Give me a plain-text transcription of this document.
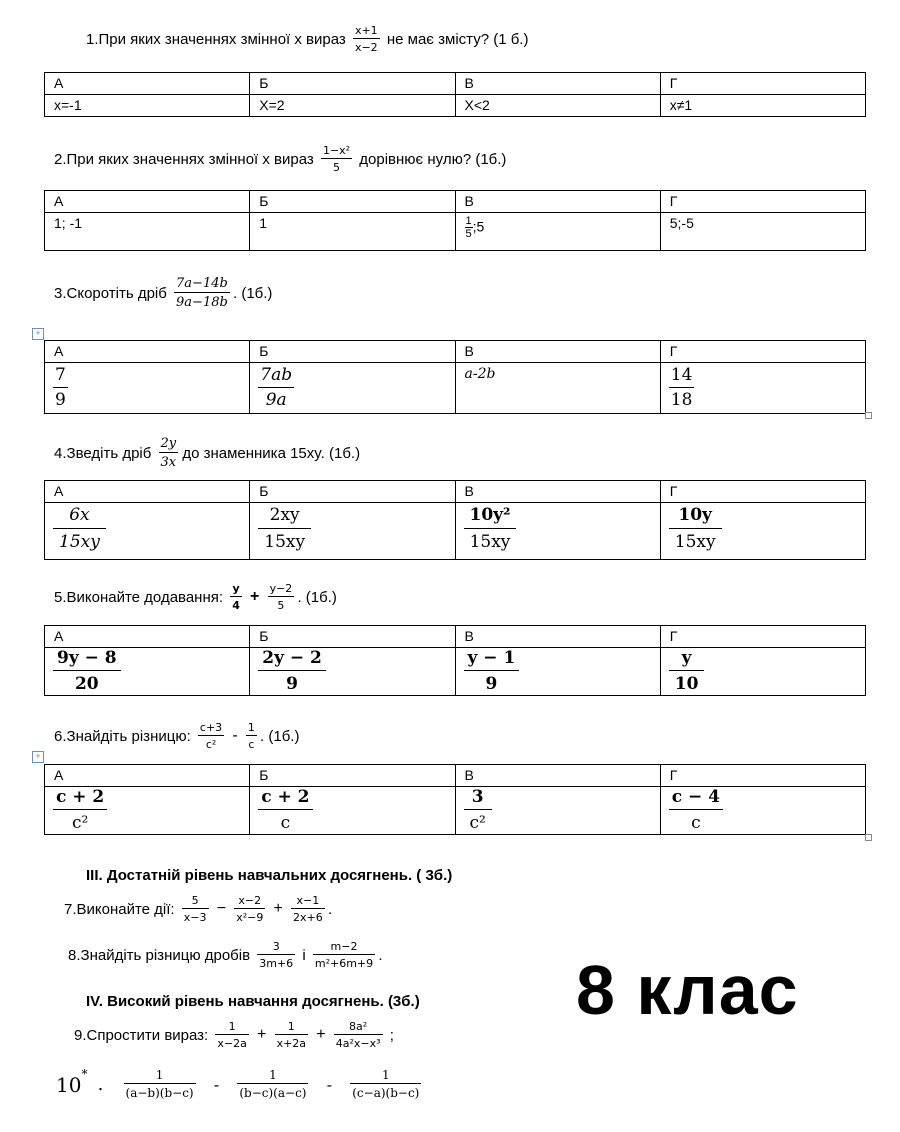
1.При яких значеннях змінної х вираз $\frac{x+1}{x-2}$ не має змісту? (1 б.)
А	Б	В	Г
x=-1	X=2	X<2	x≠1
2.При яких значеннях змінної х вираз $\frac{\text{1−x²}}{5}$ дорівнює нулю? (1б.)
А	Б	В	Г
1; -1	1	$\frac{1}{5}$ ;5	5;-5
3.Скоротіть дріб $\frac{7a-14b}{9a-18b}$ . (1б.)
+
А	Б	В	Г

$\frac{7}{9}$	$\frac{7ab}{9a}$	a-2b	$\frac{14}{18}$
4.Зведіть дріб $\frac{2y}{3x}$ до знаменника 15xy. (1б.)
А	Б	В	Г

$\frac{6x}{15xy}$	$\frac{2xy}{15xy}$	$\frac{\text{10y²}}{15xy}$	$\frac{10y}{15xy}$
5.Виконайте додавання: $\frac{y}{4} + \frac{y-2}{5}$ . (1б.)
А	Б	В	Г

$\frac{9y - 8}{20}$	$\frac{2y - 2}{9}$	$\frac{y - 1}{9}$	$\frac{y}{10}$
6.Знайдіть різницю: $\frac{c+3}{\text{c²}} - \frac{1}{c}$ . (1б.)
+
А	Б	В	Г

$\frac{c + 2}{\text{c²}}$	$\frac{c + 2}{c}$	$\frac{3}{\text{c²}}$	$\frac{c - 4}{c}$
III. Достатній рівень навчальних досягнень. ( 3б.)
7.Виконайте дії: $\frac{5}{x-3} - \frac{x-2}{\text{x²−9}} + \frac{x-1}{2x+6}$ .
8.Знайдіть різницю дробів $\frac{3}{3m+6}$ і $\frac{m-2}{\text{m²+6m+9}}$ .	8 клас
IV. Високий рівень навчання досягнень. (3б.)
9.Спростити вираз: $\frac{1}{x-2a} + \frac{1}{x+2a} + \frac{\text{8a²}}{\text{4a²x−x³}}$ ;
10* . $\frac{1}{(a-b)(b-c)} - \frac{1}{(b-c)(a-c)} - \frac{1}{(c-a)(b-c)}$
